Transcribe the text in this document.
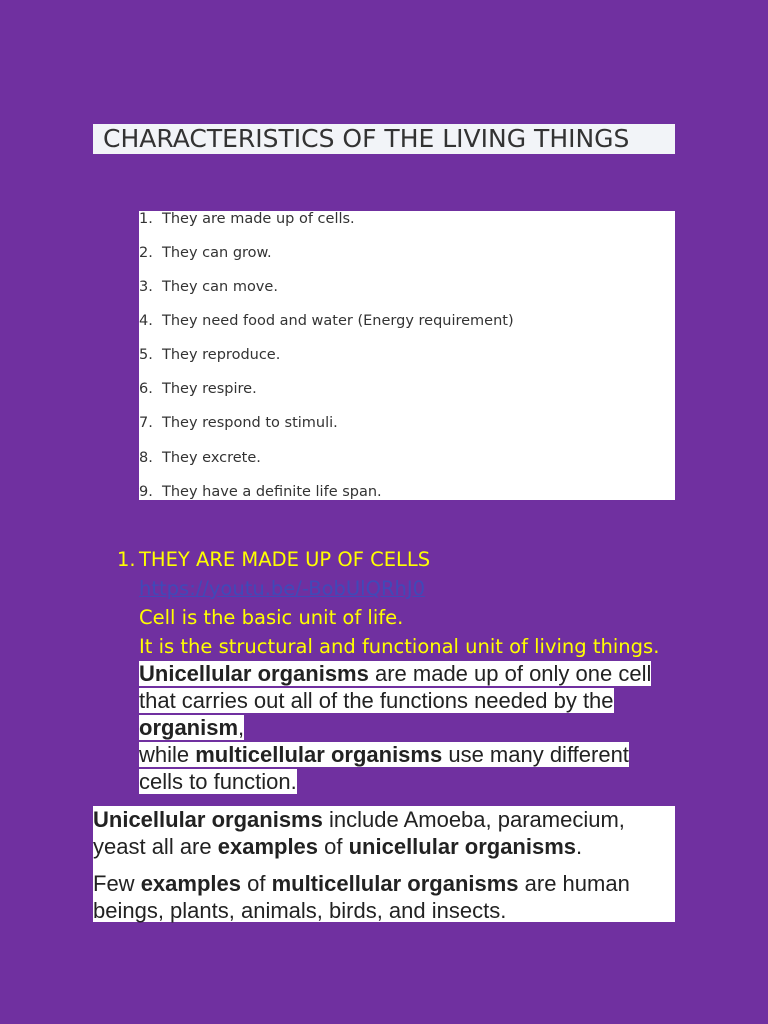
CHARACTERISTICS OF THE LIVING THINGS
1. They are made up of cells.
2. They can grow.
3. They can move.
4. They need food and water (Energy requirement)
5. They reproduce.
6. They respire.
7. They respond to stimuli.
8. They excrete.
9. They have a definite life span.
1. THEY ARE MADE UP OF CELLS
https://youtu.be/-BobUlQRhJ0
Cell is the basic unit of life.
It is the structural and functional unit of living things.
Unicellular organisms are made up of only one cell that carries out all of the functions needed by the organism,
while multicellular organisms use many different cells to function.

Unicellular organisms include Amoeba, paramecium, yeast all are examples of unicellular organisms.

Few examples of multicellular organisms are human beings, plants, animals, birds, and insects.
